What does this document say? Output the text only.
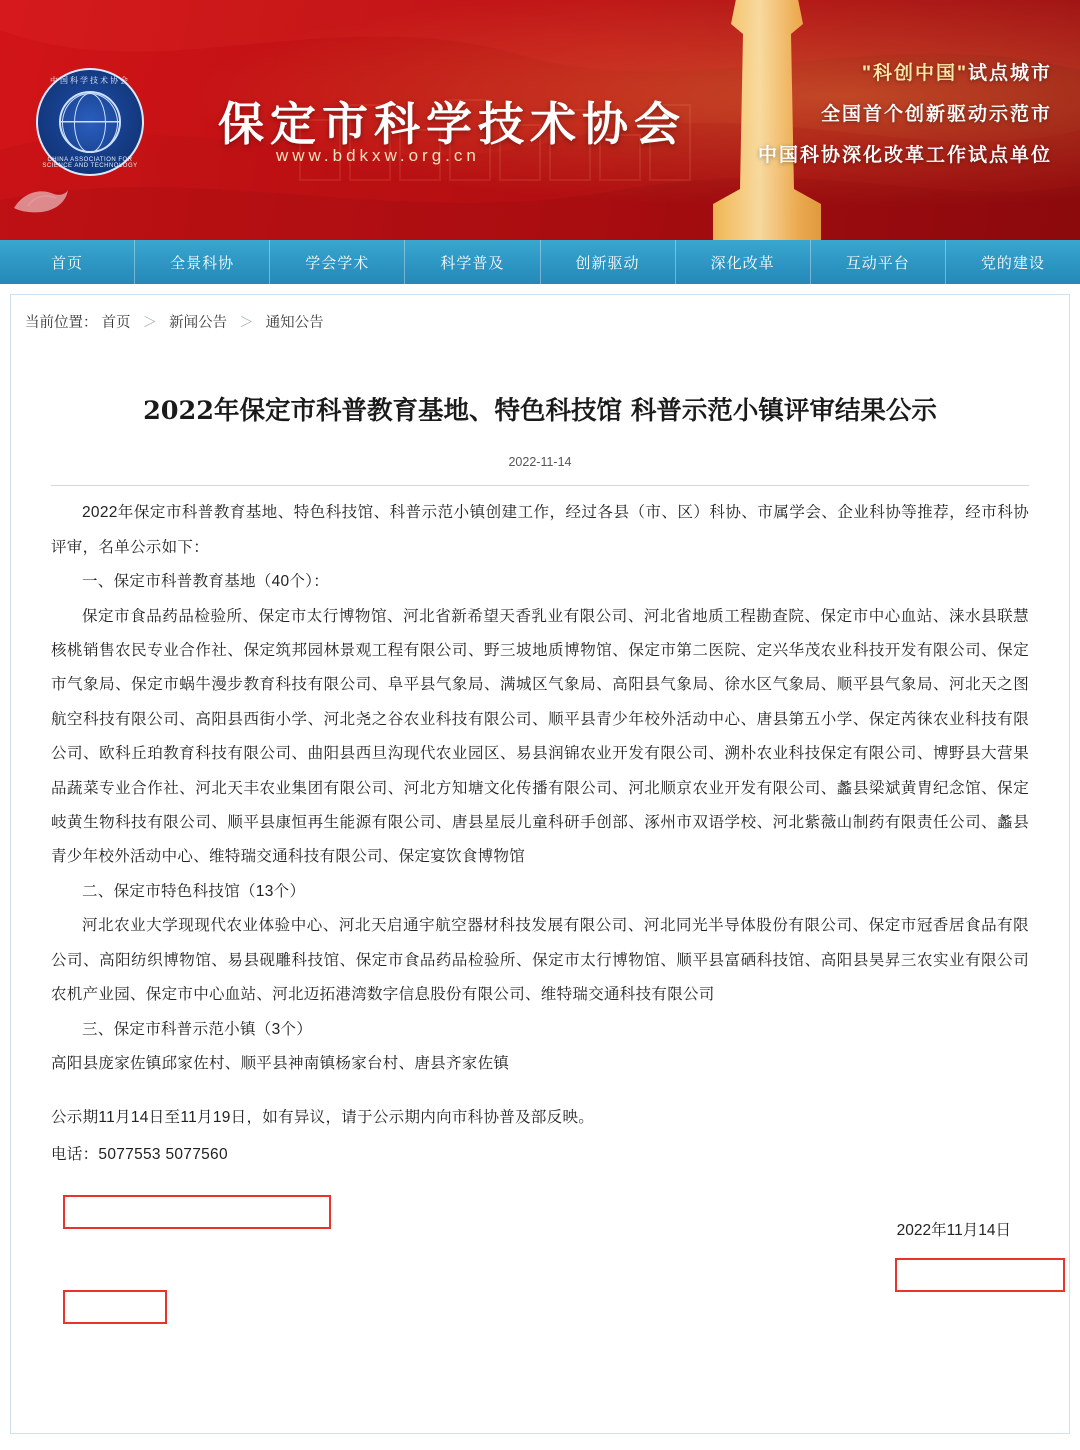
中国科学技术协会
CHINA ASSOCIATION FOR SCIENCE AND TECHNOLOGY
保定市科学技术协会
www.bdkxw.org.cn
"科创中国"试点城市
全国首个创新驱动示范市
中国科协深化改革工作试点单位
首页	全景科协	学会学术	科学普及	创新驱动	深化改革	互动平台	党的建设
当前位置： 首页 ＞ 新闻公告 ＞ 通知公告
2022年保定市科普教育基地、特色科技馆 科普示范小镇评审结果公示
2022-11-14

2022年保定市科普教育基地、特色科技馆、科普示范小镇创建工作，经过各县（市、区）科协、市属学会、企业科协等推荐，经市科协评审，名单公示如下：

一、保定市科普教育基地（40个）：

保定市食品药品检验所、保定市太行博物馆、河北省新希望天香乳业有限公司、河北省地质工程勘查院、保定市中心血站、涞水县联慧核桃销售农民专业合作社、保定筑邦园林景观工程有限公司、野三坡地质博物馆、保定市第二医院、定兴华茂农业科技开发有限公司、保定市气象局、保定市蜗牛漫步教育科技有限公司、阜平县气象局、满城区气象局、高阳县气象局、徐水区气象局、顺平县气象局、河北天之图航空科技有限公司、高阳县西街小学、河北尧之谷农业科技有限公司、顺平县青少年校外活动中心、唐县第五小学、保定芮徕农业科技有限公司、欧科丘珀教育科技有限公司、曲阳县西旦沟现代农业园区、易县润锦农业开发有限公司、溯朴农业科技保定有限公司、博野县大营果品蔬菜专业合作社、河北天丰农业集团有限公司、河北方知塘文化传播有限公司、河北顺京农业开发有限公司、蠡县梁斌黄胄纪念馆、保定岐黄生物科技有限公司、顺平县康恒再生能源有限公司、唐县星辰儿童科研手创部、涿州市双语学校、河北紫薇山制药有限责任公司、蠡县青少年校外活动中心、维特瑞交通科技有限公司、保定宴饮食博物馆

二、保定市特色科技馆（13个）

河北农业大学现现代农业体验中心、河北天启通宇航空器材科技发展有限公司、河北同光半导体股份有限公司、保定市冠香居食品有限公司、高阳纺织博物馆、易县砚雕科技馆、保定市食品药品检验所、保定市太行博物馆、顺平县富硒科技馆、高阳县昊昇三农实业有限公司农机产业园、保定市中心血站、河北迈拓港湾数字信息股份有限公司、维特瑞交通科技有限公司

三、保定市科普示范小镇（3个）

高阳县庞家佐镇邱家佐村、顺平县神南镇杨家台村、唐县齐家佐镇

公示期11月14日至11月19日，如有异议，请于公示期内向市科协普及部反映。

电话：5077553 5077560

2022年11月14日
